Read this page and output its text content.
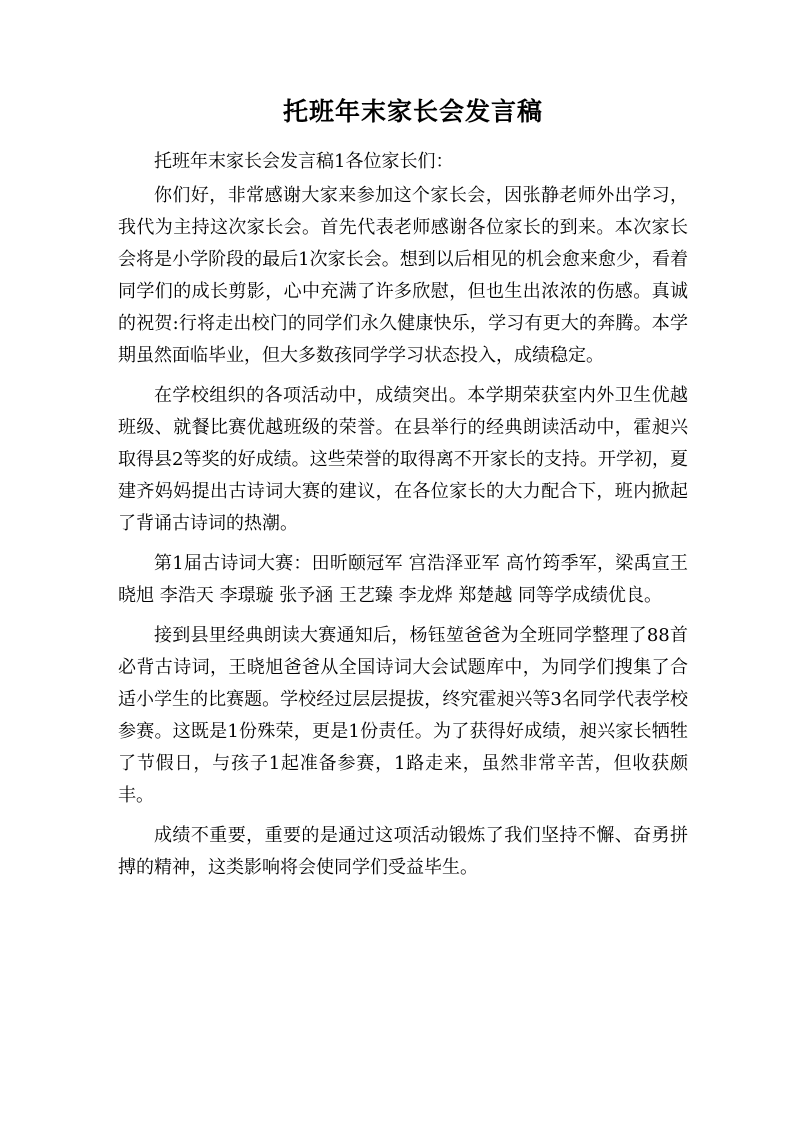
托班年末家长会发言稿

托班年末家长会发言稿1各位家长们：

你们好，非常感谢大家来参加这个家长会，因张静老师外出学习，我代为主持这次家长会。首先代表老师感谢各位家长的到来。本次家长会将是小学阶段的最后1次家长会。想到以后相见的机会愈来愈少，看着同学们的成长剪影，心中充满了许多欣慰，但也生出浓浓的伤感。真诚的祝贺:行将走出校门的同学们永久健康快乐，学习有更大的奔腾。本学期虽然面临毕业，但大多数孩同学学习状态投入，成绩稳定。

在学校组织的各项活动中，成绩突出。本学期荣获室内外卫生优越班级、就餐比赛优越班级的荣誉。在县举行的经典朗读活动中，霍昶兴取得县2等奖的好成绩。这些荣誉的取得离不开家长的支持。开学初，夏建齐妈妈提出古诗词大赛的建议，在各位家长的大力配合下，班内掀起了背诵古诗词的热潮。

第1届古诗词大赛：田昕颐冠军 宫浩泽亚军 高竹筠季军，梁禹宣王晓旭 李浩天 李璟璇 张予涵 王艺臻 李龙烨 郑楚越 同等学成绩优良。

接到县里经典朗读大赛通知后，杨钰堃爸爸为全班同学整理了88首必背古诗词，王晓旭爸爸从全国诗词大会试题库中，为同学们搜集了合适小学生的比赛题。学校经过层层提拔，终究霍昶兴等3名同学代表学校参赛。这既是1份殊荣，更是1份责任。为了获得好成绩，昶兴家长牺牲了节假日，与孩子1起准备参赛，1路走来，虽然非常辛苦，但收获颇丰。

成绩不重要，重要的是通过这项活动锻炼了我们坚持不懈、奋勇拼搏的精神，这类影响将会使同学们受益毕生。
